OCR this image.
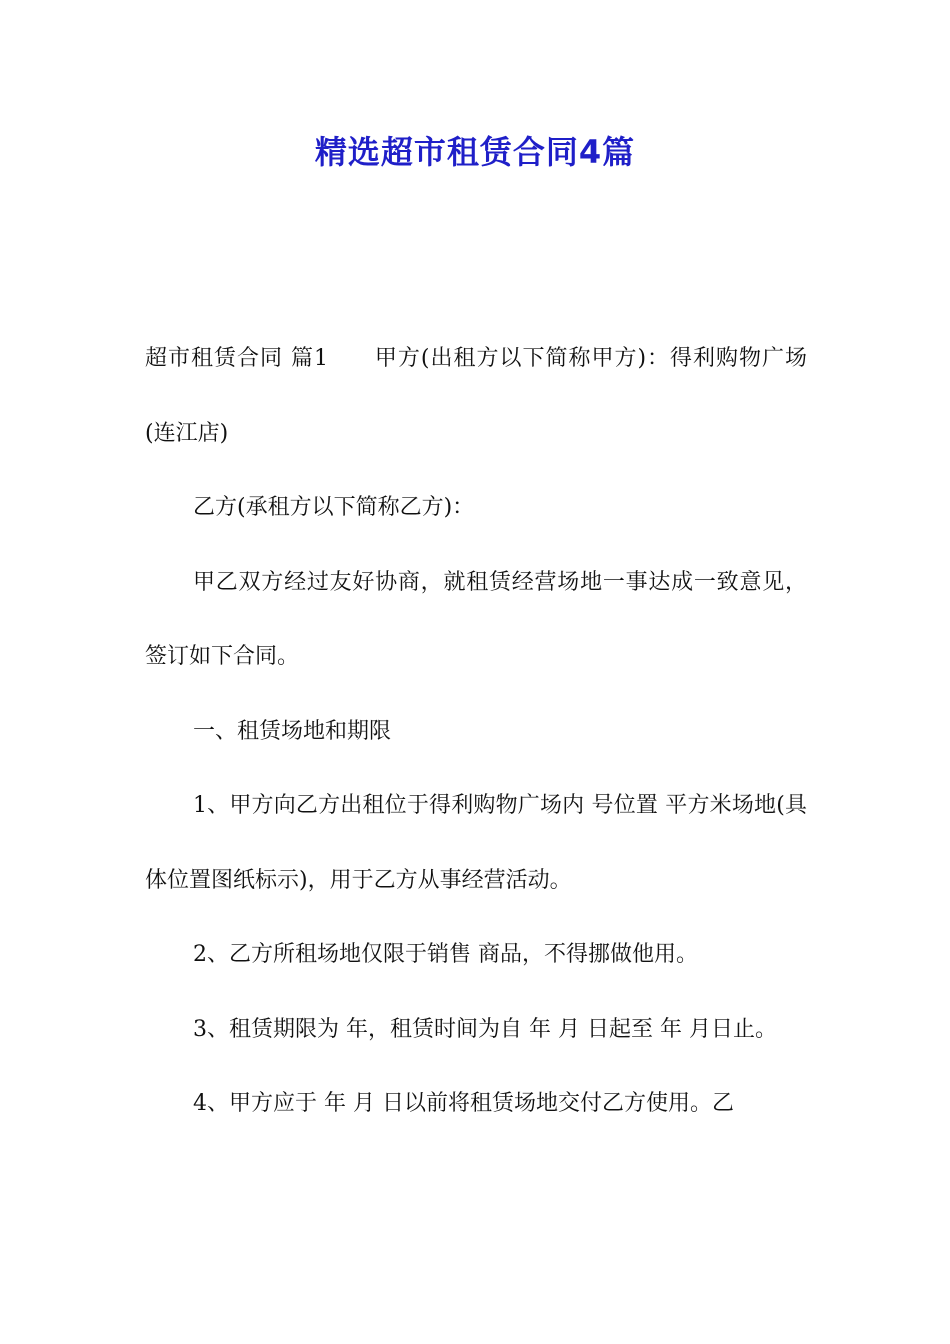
精选超市租赁合同4篇

超市租赁合同 篇1　　甲方(出租方以下简称甲方)：得利购物广场(连江店)

乙方(承租方以下简称乙方)：

甲乙双方经过友好协商，就租赁经营场地一事达成一致意见，签订如下合同。

一、租赁场地和期限

1、甲方向乙方出租位于得利购物广场内 号位置 平方米场地(具体位置图纸标示)，用于乙方从事经营活动。

2、乙方所租场地仅限于销售 商品，不得挪做他用。

3、租赁期限为 年，租赁时间为自 年 月 日起至 年 月日止。

4、甲方应于 年 月 日以前将租赁场地交付乙方使用。乙
